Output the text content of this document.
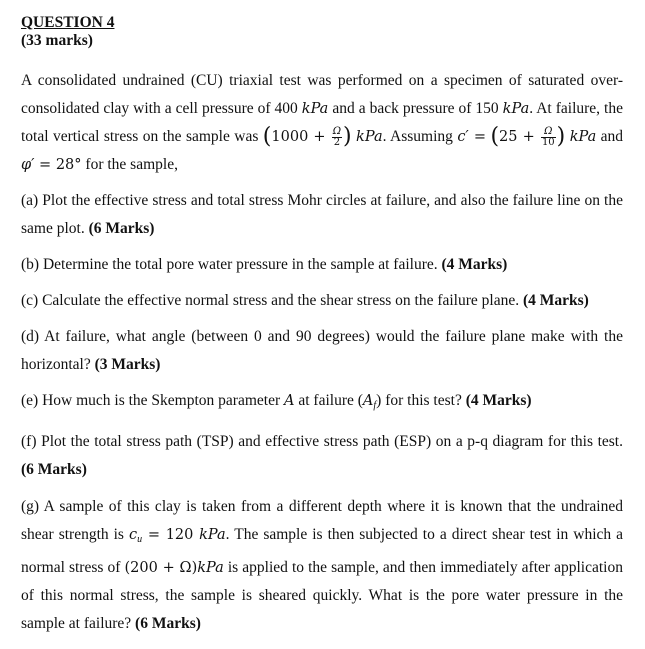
QUESTION 4
(33 marks)

A consolidated undrained (CU) triaxial test was performed on a specimen of saturated over-consolidated clay with a cell pressure of 400 kPa and a back pressure of 150 kPa. At failure, the total vertical stress on the sample was ($1000 + \frac{\Omega}{2}$ ) kPa. Assuming $c' = (25 + \frac{\Omega}{10}$ ) kPa and φ′ = 28° for the sample,

(a) Plot the effective stress and total stress Mohr circles at failure, and also the failure line on the same plot. (6 Marks)

(b) Determine the total pore water pressure in the sample at failure. (4 Marks)

(c) Calculate the effective normal stress and the shear stress on the failure plane. (4 Marks)

(d) At failure, what angle (between 0 and 90 degrees) would the failure plane make with the horizontal? (3 Marks)

(e) How much is the Skempton parameter A at failure $(A_f)$ for this test? (4 Marks)

(f) Plot the total stress path (TSP) and effective stress path (ESP) on a p-q diagram for this test. (6 Marks)

(g) A sample of this clay is taken from a different depth where it is known that the undrained shear strength is $c_u = 120$ kPa. The sample is then subjected to a direct shear test in which a normal stress of (200 + Ω)kPa is applied to the sample, and then immediately after application of this normal stress, the sample is sheared quickly. What is the pore water pressure in the sample at failure? (6 Marks)
